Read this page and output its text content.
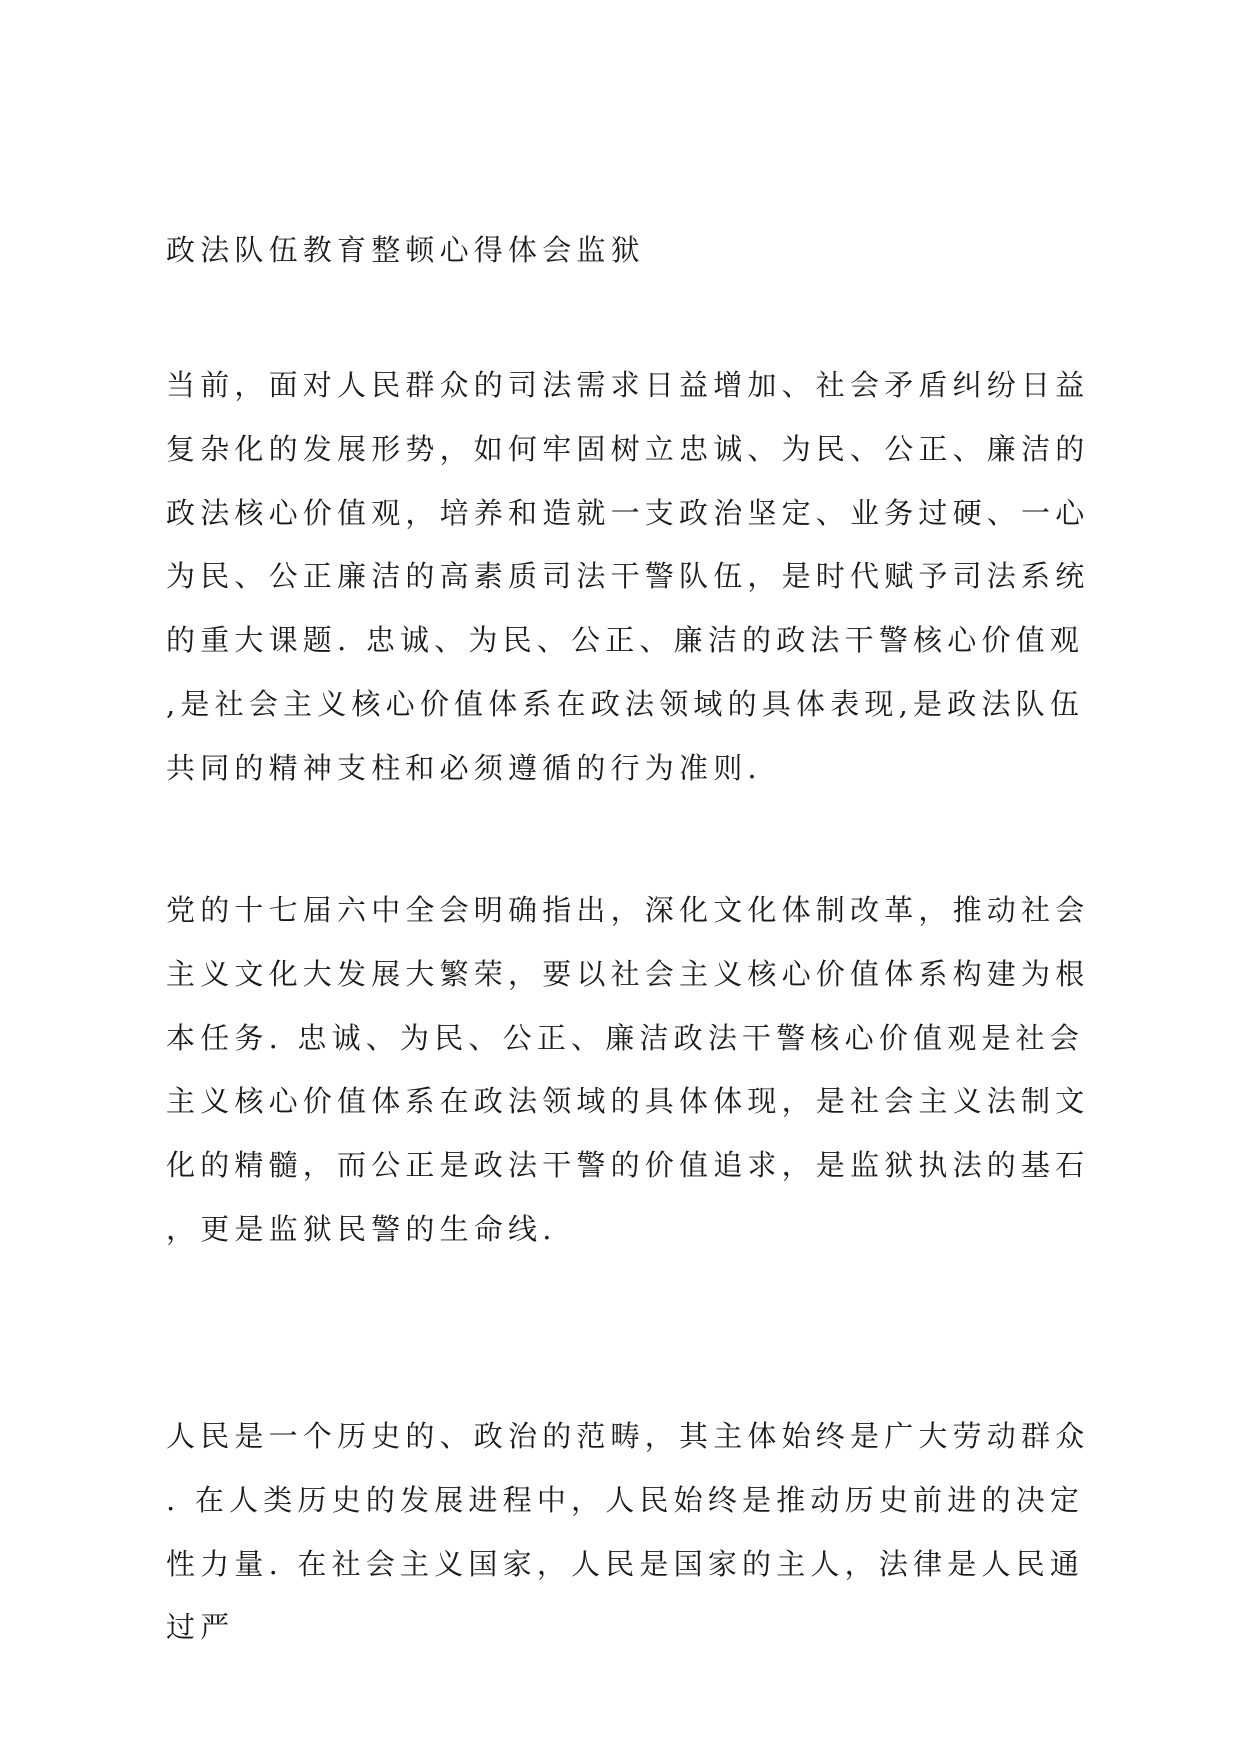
政法队伍教育整顿心得体会监狱

当前，面对人民群众的司法需求日益增加、社会矛盾纠纷日益复杂化的发展形势，如何牢固树立忠诚、为民、公正、廉洁的政法核心价值观，培养和造就一支政治坚定、业务过硬、一心为民、公正廉洁的高素质司法干警队伍，是时代赋予司法系统的重大课题. 忠诚、为民、公正、廉洁的政法干警核心价值观,是社会主义核心价值体系在政法领域的具体表现,是政法队伍共同的精神支柱和必须遵循的行为准则.

党的十七届六中全会明确指出，深化文化体制改革，推动社会主义文化大发展大繁荣，要以社会主义核心价值体系构建为根本任务. 忠诚、为民、公正、廉洁政法干警核心价值观是社会主义核心价值体系在政法领域的具体体现，是社会主义法制文化的精髓，而公正是政法干警的价值追求，是监狱执法的基石，更是监狱民警的生命线.

人民是一个历史的、政治的范畴，其主体始终是广大劳动群众. 在人类历史的发展进程中，人民始终是推动历史前进的决定性力量. 在社会主义国家，人民是国家的主人，法律是人民通过严
